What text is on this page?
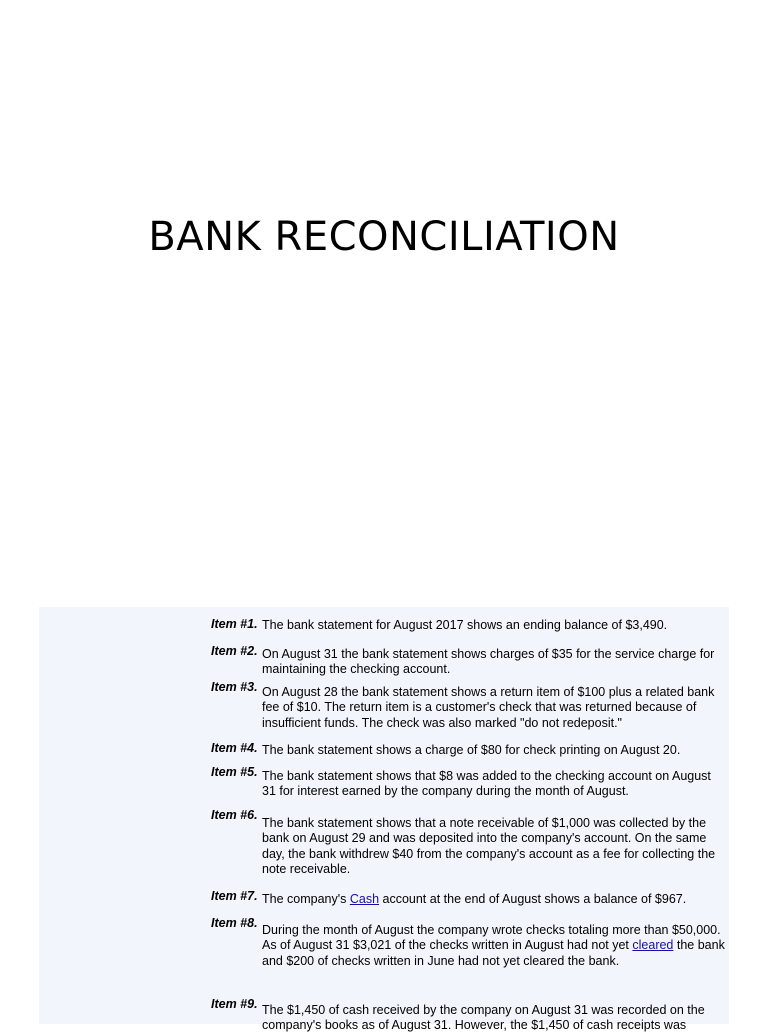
BANK RECONCILIATION
Item #1. The bank statement for August 2017 shows an ending balance of $3,490.
Item #2. On August 31 the bank statement shows charges of $35 for the service charge for maintaining the checking account.
Item #3. On August 28 the bank statement shows a return item of $100 plus a related bank fee of $10. The return item is a customer's check that was returned because of insufficient funds. The check was also marked "do not redeposit."
Item #4. The bank statement shows a charge of $80 for check printing on August 20.
Item #5. The bank statement shows that $8 was added to the checking account on August 31 for interest earned by the company during the month of August.
Item #6.
The bank statement shows that a note receivable of $1,000 was collected by the bank on August 29 and was deposited into the company's account. On the same day, the bank withdrew $40 from the company's account as a fee for collecting the note receivable.
Item #7. The company's Cash account at the end of August shows a balance of $967.
Item #8. During the month of August the company wrote checks totaling more than $50,000. As of August 31 $3,021 of the checks written in August had not yet cleared the bank and $200 of checks written in June had not yet cleared the bank.
Item #9. The $1,450 of cash received by the company on August 31 was recorded on the company's books as of August 31. However, the $1,450 of cash receipts was
